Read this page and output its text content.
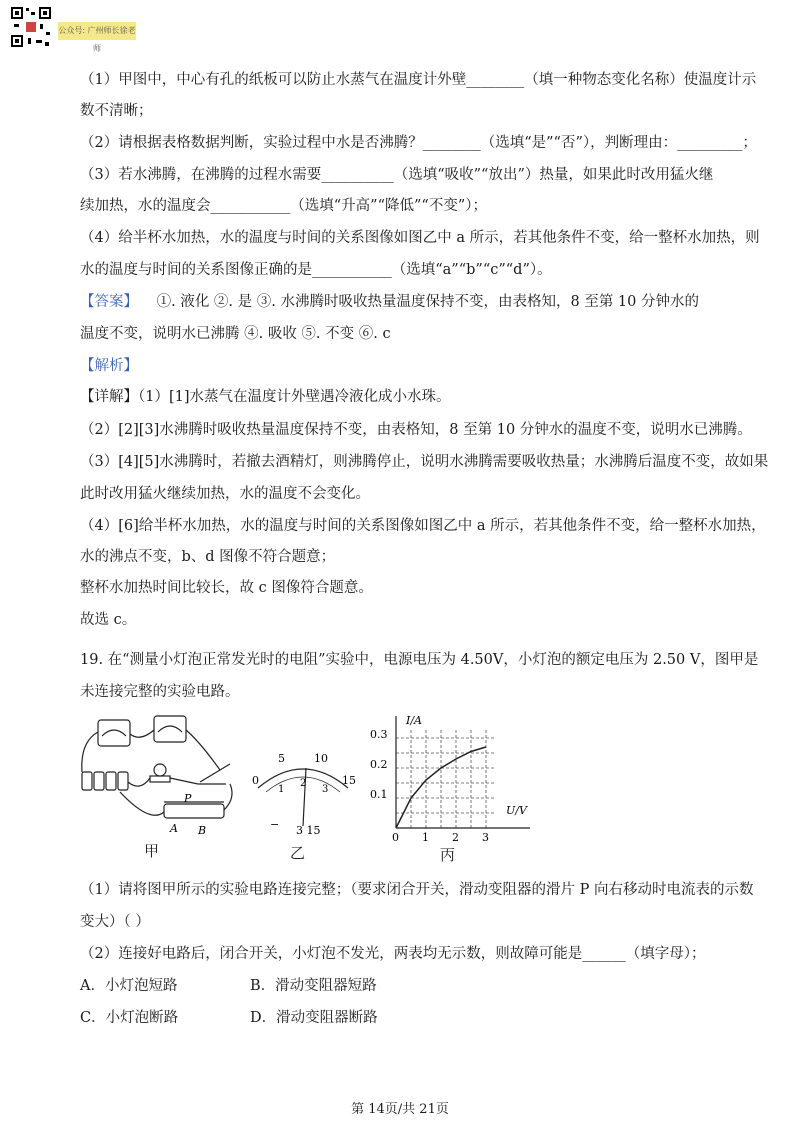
公众号: 广州师长徐老师
（1）甲图中，中心有孔的纸板可以防止水蒸气在温度计外壁________（填一种物态变化名称）使温度计示
数不清晰；
（2）请根据表格数据判断，实验过程中水是否沸腾？________（选填“是”“否”），判断理由：_________；
（3）若水沸腾，在沸腾的过程水需要__________（选填“吸收”“放出”）热量，如果此时改用猛火继
续加热，水的温度会___________（选填“升高”“降低”“不变”）；
（4）给半杯水加热，水的温度与时间的关系图像如图乙中 a 所示，若其他条件不变，给一整杯水加热，则
水的温度与时间的关系图像正确的是___________（选填“a”“b”“c”“d”）。
【答案】 ①. 液化 ②. 是 ③. 水沸腾时吸收热量温度保持不变，由表格知，8 至第 10 分钟水的
温度不变，说明水已沸腾 ④. 吸收 ⑤. 不变 ⑥. c
【解析】
【详解】（1）[1]水蒸气在温度计外壁遇冷液化成小水珠。
（2）[2][3]水沸腾时吸收热量温度保持不变，由表格知，8 至第 10 分钟水的温度不变，说明水已沸腾。
（3）[4][5]水沸腾时，若撤去酒精灯，则沸腾停止，说明水沸腾需要吸收热量；水沸腾后温度不变，故如果
此时改用猛火继续加热，水的温度不会变化。
（4）[6]给半杯水加热，水的温度与时间的关系图像如图乙中 a 所示，若其他条件不变，给一整杯水加热，
水的沸点不变，b、d 图像不符合题意；
整杯水加热时间比较长，故 c 图像符合题意。
故选 c。
19. 在“测量小灯泡正常发光时的电阻”实验中，电源电压为 4.50V，小灯泡的额定电压为 2.50 V，图甲是
未连接完整的实验电路。
P
A B
甲
0
5	10
15
1
2
3
− 3 15
乙
I/A
U/V
0.3
0.2
0.1
0 1 2 3
丙
（1）请将图甲所示的实验电路连接完整；（要求闭合开关，滑动变阻器的滑片 P 向右移动时电流表的示数
变大）（ ）
（2）连接好电路后，闭合开关，小灯泡不发光，两表均无示数，则故障可能是______（填字母）；
A．小灯泡短路	B．滑动变阻器短路
C．小灯泡断路	D．滑动变阻器断路
第 14页/共 21页
